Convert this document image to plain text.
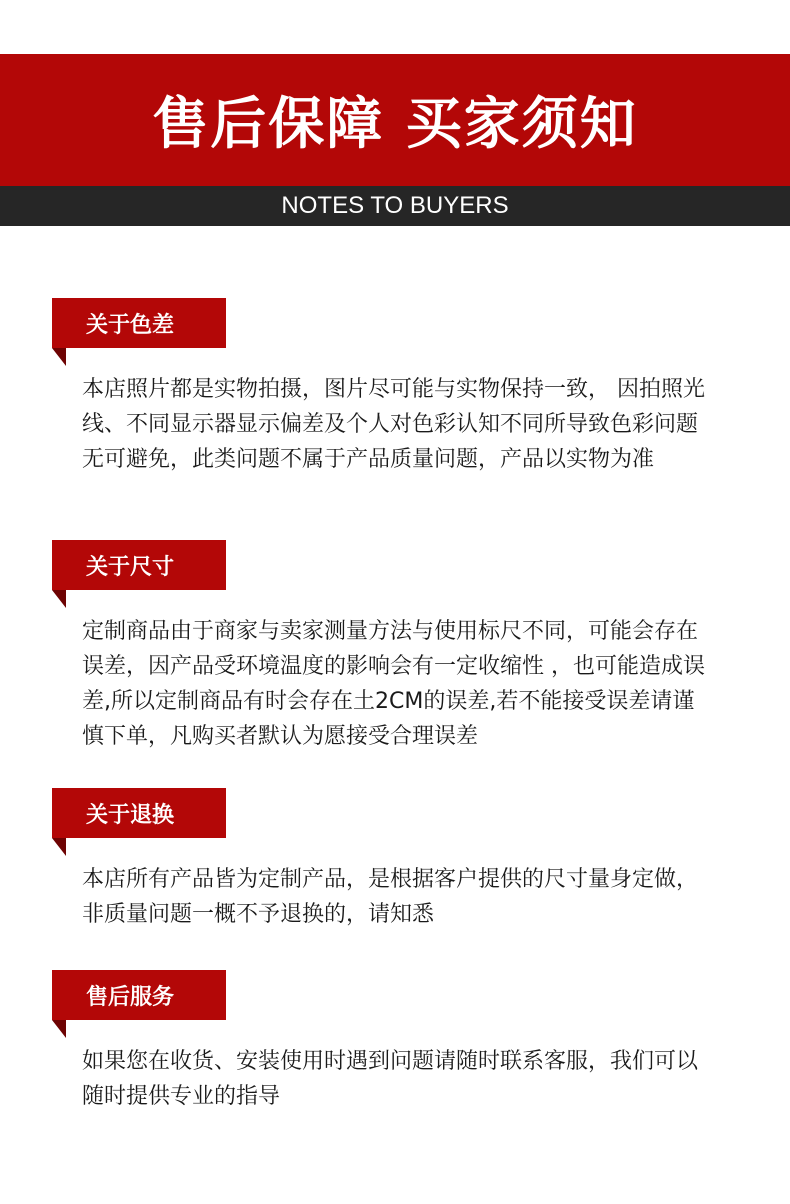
售后保障 买家须知
NOTES TO BUYERS
关于色差
本店照片都是实物拍摄，图片尽可能与实物保持一致， 因拍照光线、不同显示器显示偏差及个人对色彩认知不同所导致色彩问题无可避免，此类问题不属于产品质量问题，产品以实物为准
关于尺寸
定制商品由于商家与卖家测量方法与使用标尺不同，可能会存在误差，因产品受环境温度的影响会有一定收缩性 ，也可能造成误差,所以定制商品有时会存在土2CM的误差,若不能接受误差请谨慎下单，凡购买者默认为愿接受合理误差
关于退换
本店所有产品皆为定制产品，是根据客户提供的尺寸量身定做，非质量问题一概不予退换的，请知悉
售后服务
如果您在收货、安装使用时遇到问题请随时联系客服，我们可以随时提供专业的指导
